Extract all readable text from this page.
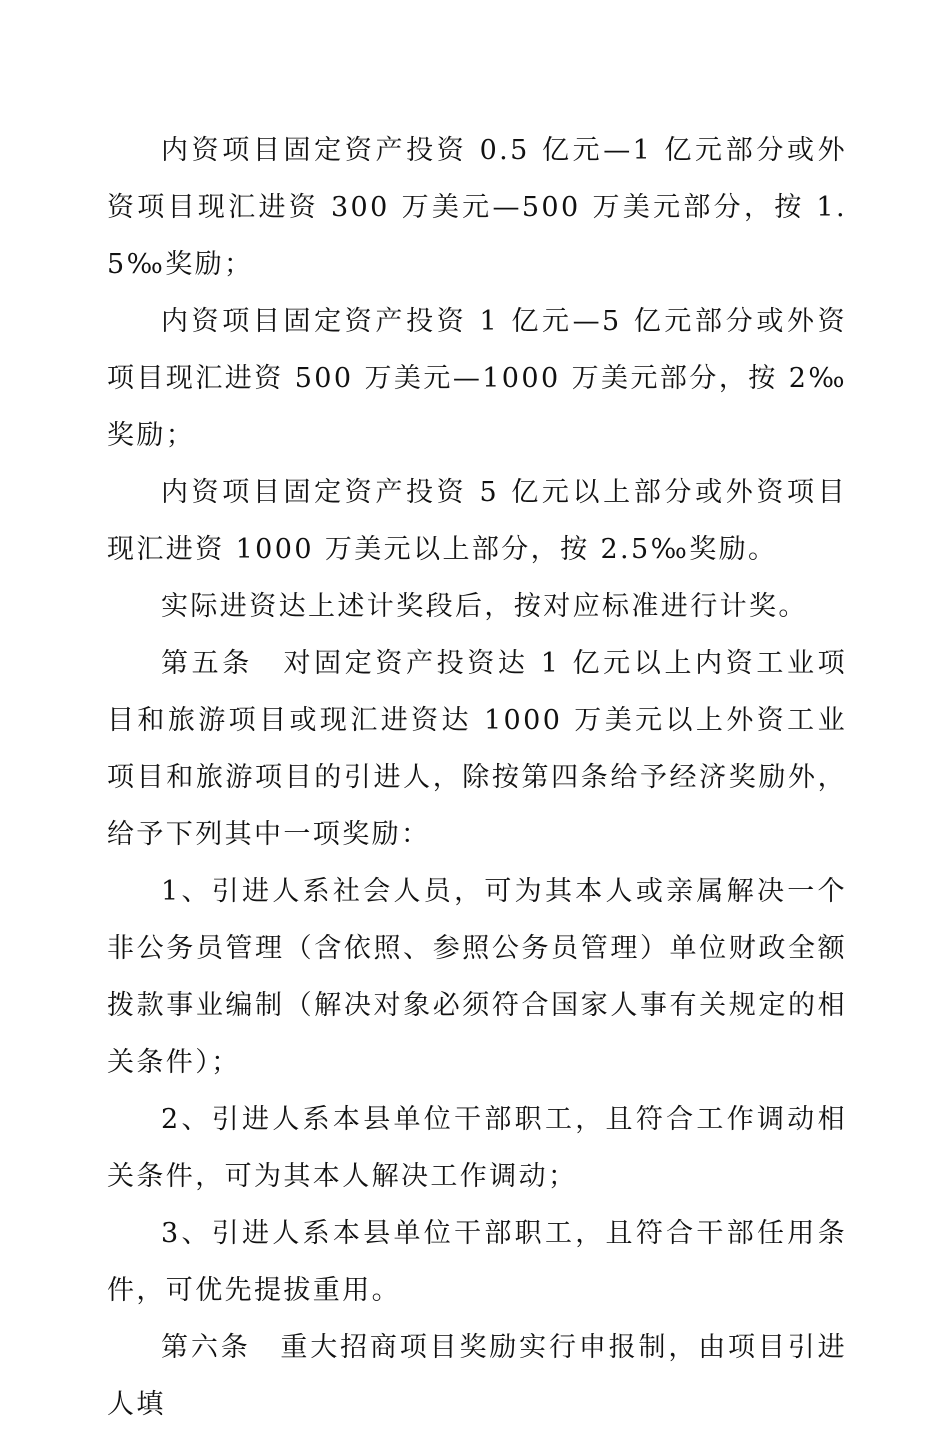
内资项目固定资产投资 0.5 亿元—1 亿元部分或外资项目现汇进资 300 万美元—500 万美元部分，按 1.5‰奖励；

内资项目固定资产投资 1 亿元—5 亿元部分或外资项目现汇进资 500 万美元—1000 万美元部分，按 2‰奖励；

内资项目固定资产投资 5 亿元以上部分或外资项目现汇进资 1000 万美元以上部分，按 2.5‰奖励。

实际进资达上述计奖段后，按对应标准进行计奖。

第五条　对固定资产投资达 1 亿元以上内资工业项目和旅游项目或现汇进资达 1000 万美元以上外资工业项目和旅游项目的引进人，除按第四条给予经济奖励外，给予下列其中一项奖励：

1、引进人系社会人员，可为其本人或亲属解决一个非公务员管理（含依照、参照公务员管理）单位财政全额拨款事业编制（解决对象必须符合国家人事有关规定的相关条件）；

2、引进人系本县单位干部职工，且符合工作调动相关条件，可为其本人解决工作调动；

3、引进人系本县单位干部职工，且符合干部任用条件，可优先提拔重用。

第六条　重大招商项目奖励实行申报制，由项目引进人填
